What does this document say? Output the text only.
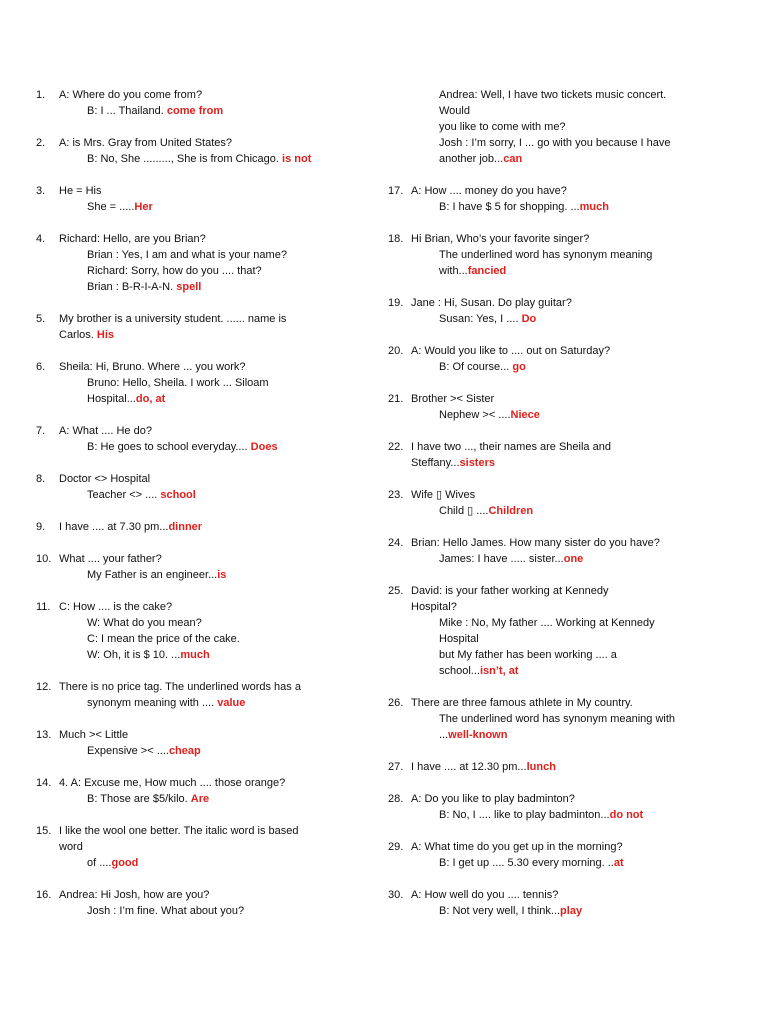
1. A: Where do you come from?
B: I ... Thailand. come from
2. A: is Mrs. Gray from United States?
B: No, She ........., She is from Chicago. is not
3. He = His
She = .....Her
4. Richard: Hello, are you Brian?
Brian : Yes, I am and what is your name?
Richard: Sorry, how do you .... that?
Brian : B-R-I-A-N. spell
5. My brother is a university student. ...... name is
Carlos. His
6. Sheila: Hi, Bruno. Where ... you work?
Bruno: Hello, Sheila. I work ... Siloam
Hospital...do, at
7. A: What .... He do?
B: He goes to school everyday.... Does
8. Doctor <> Hospital
Teacher <> .... school
9. I have .... at 7.30 pm...dinner
10. What .... your father?
My Father is an engineer...is
11. C: How .... is the cake?
W: What do you mean?
C: I mean the price of the cake.
W: Oh, it is $ 10. ...much
12. There is no price tag. The underlined words has a
synonym meaning with .... value
13. Much >< Little
Expensive >< ....cheap
14. 4. A: Excuse me, How much .... those orange?
B: Those are $5/kilo. Are
15. I like the wool one better. The italic word is based
word
of ....good
16. Andrea: Hi Josh, how are you?
Josh : I’m fine. What about you?
Andrea: Well, I have two tickets music concert.
Would
you like to come with me?
Josh : I’m sorry, I ... go with you because I have
another job...can
17. A: How .... money do you have?
B: I have $ 5 for shopping. ...much
18. Hi Brian, Who’s your favorite singer?
The underlined word has synonym meaning
with...fancied
19. Jane : Hi, Susan. Do play guitar?
Susan: Yes, I .... Do
20. A: Would you like to .... out on Saturday?
B: Of course... go
21. Brother >< Sister
Nephew >< ....Niece
22. I have two ..., their names are Sheila and
Steffany...sisters
23. Wife ▯ Wives
Child ▯ ....Children
24. Brian: Hello James. How many sister do you have?
James: I have ..... sister...one
25. David: is your father working at Kennedy
Hospital?
Mike : No, My father .... Working at Kennedy
Hospital
but My father has been working .... a
school...isn’t, at
26. There are three famous athlete in My country.
The underlined word has synonym meaning with
...well-known
27. I have .... at 12.30 pm...lunch
28. A: Do you like to play badminton?
B: No, I .... like to play badminton...do not
29. A: What time do you get up in the morning?
B: I get up .... 5.30 every morning. ..at
30. A: How well do you .... tennis?
B: Not very well, I think...play
